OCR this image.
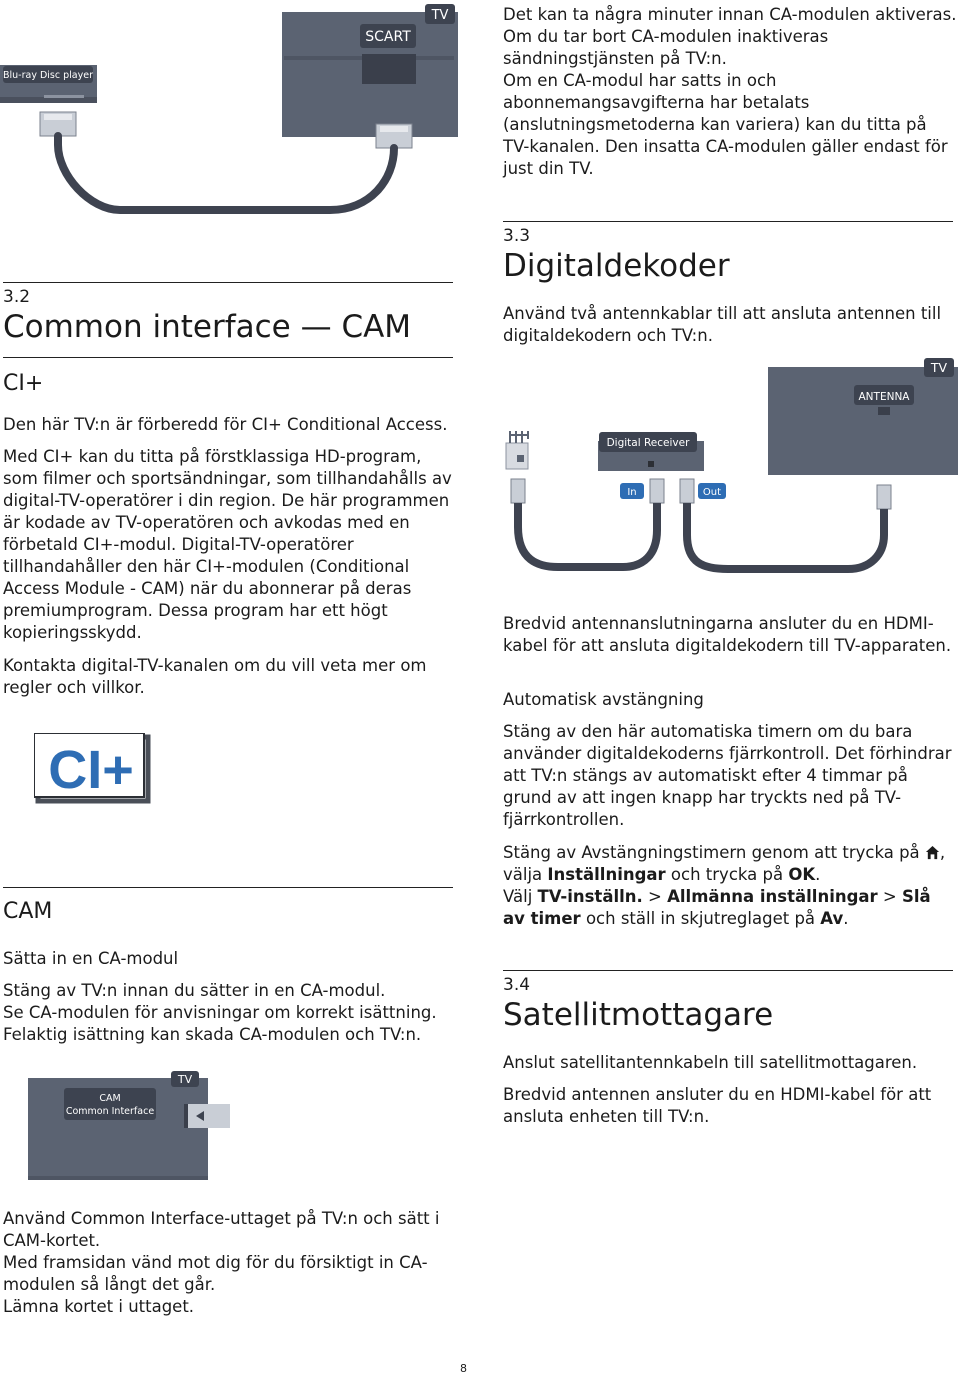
TV
SCART
Blu-ray Disc player

3.2

Common interface — CAM
CI+

Den här TV:n är förberedd för CI+ Conditional Access.

Med CI+ kan du titta på förstklassiga HD-program, som filmer och sportsändningar, som tillhandahålls av digital-TV-operatörer i din region. De här programmen är kodade av TV-operatören och avkodas med en förbetald CI+-modul. Digital-TV-operatörer tillhandahåller den här CI+-modulen (Conditional Access Module - CAM) när du abonnerar på deras premiumprogram. Dessa program har ett högt kopieringsskydd.

Kontakta digital-TV-kanalen om du vill veta mer om regler och villkor.

CI+
CAM

Sätta in en CA-modul

Stäng av TV:n innan du sätter in en CA-modul.
Se CA-modulen för anvisningar om korrekt isättning. Felaktig isättning kan skada CA-modulen och TV:n.

TV
CAM
Common Interface

Använd Common Interface-uttaget på TV:n och sätt i CAM-kortet.
Med framsidan vänd mot dig för du försiktigt in CA-modulen så långt det går.
Lämna kortet i uttaget.

Det kan ta några minuter innan CA-modulen aktiveras. Om du tar bort CA-modulen inaktiveras sändningstjänsten på TV:n.
Om en CA-modul har satts in och abonnemangsavgifterna har betalats (anslutningsmetoderna kan variera) kan du titta på TV-kanalen. Den insatta CA-modulen gäller endast för just din TV.

3.3

Digitaldekoder

Använd två antennkablar till att ansluta antennen till digitaldekodern och TV:n.

TV
ANTENNA
Digital Receiver
In	Out

Bredvid antennanslutningarna ansluter du en HDMI-kabel för att ansluta digitaldekodern till TV-apparaten.

Automatisk avstängning

Stäng av den här automatiska timern om du bara använder digitaldekoderns fjärrkontroll. Det förhindrar att TV:n stängs av automatiskt efter 4 timmar på grund av att ingen knapp har tryckts ned på TV-fjärrkontrollen.

Stäng av Avstängningstimern genom att trycka på , välja Inställningar och trycka på OK.

Välj TV-inställn. > Allmänna inställningar > Slå av timer och ställ in skjutreglaget på Av.

3.4

Satellitmottagare

Anslut satellitantennkabeln till satellitmottagaren.

Bredvid antennen ansluter du en HDMI-kabel för att ansluta enheten till TV:n.

8
